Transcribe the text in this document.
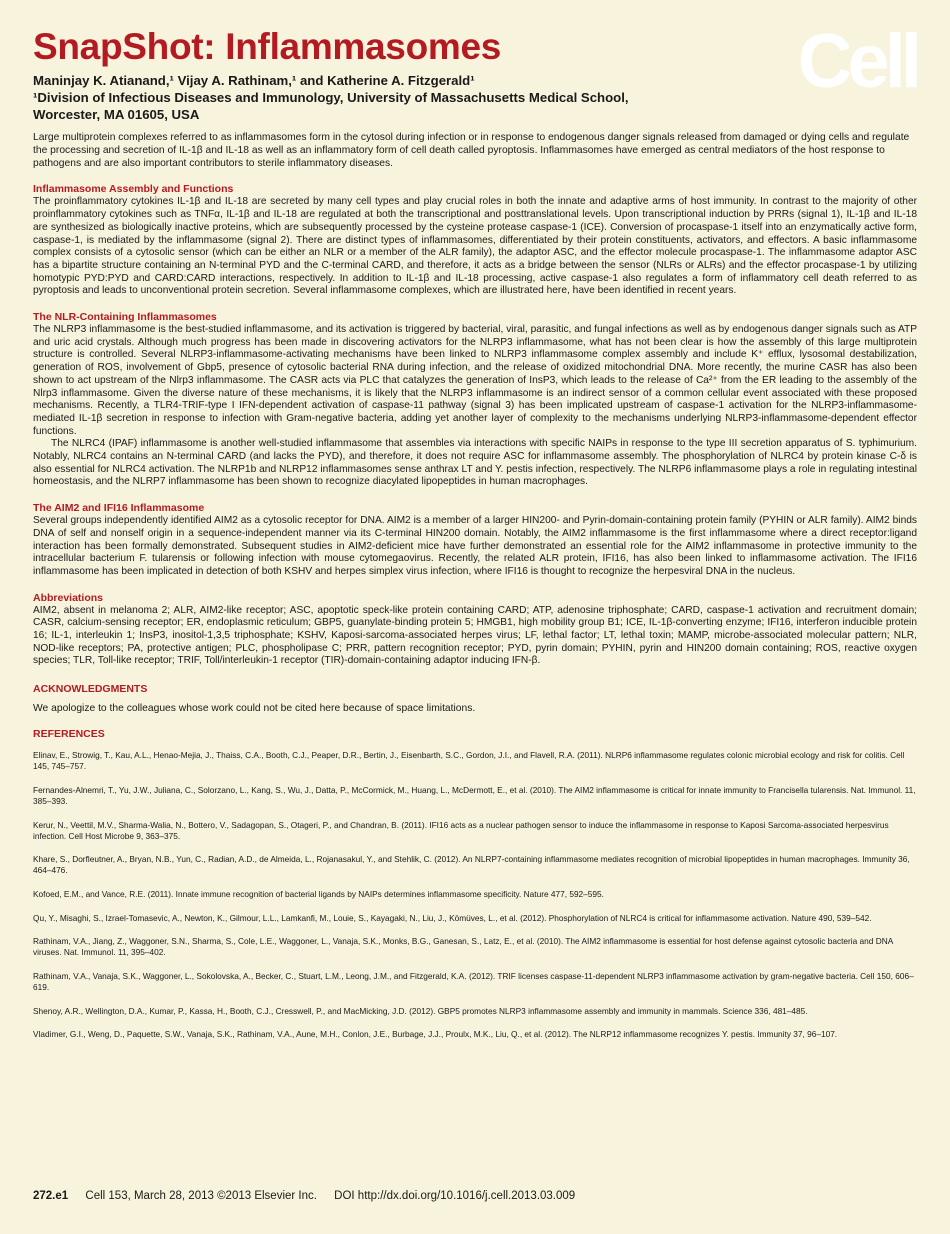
Cell
SnapShot: Inflammasomes

Maninjay K. Atianand,¹ Vijay A. Rathinam,¹ and Katherine A. Fitzgerald¹

¹Division of Infectious Diseases and Immunology, University of Massachusetts Medical School,

Worcester, MA 01605, USA

Large multiprotein complexes referred to as inflammasomes form in the cytosol during infection or in response to endogenous danger signals released from damaged or dying cells and regulate the processing and secretion of IL-1β and IL-18 as well as an inflammatory form of cell death called pyroptosis. Inflammasomes have emerged as central mediators of the host response to pathogens and are also important contributors to sterile inflammatory diseases.

Inflammasome Assembly and Functions

The proinflammatory cytokines IL-1β and IL-18 are secreted by many cell types and play crucial roles in both the innate and adaptive arms of host immunity. In contrast to the majority of other proinflammatory cytokines such as TNFα, IL-1β and IL-18 are regulated at both the transcriptional and posttranslational levels. Upon transcriptional induction by PRRs (signal 1), IL-1β and IL-18 are synthesized as biologically inactive proteins, which are subsequently processed by the cysteine protease caspase-1 (ICE). Conversion of procaspase-1 itself into an enzymatically active form, caspase-1, is mediated by the inflammasome (signal 2). There are distinct types of inflammasomes, differentiated by their protein constituents, activators, and effectors. A basic inflammasome complex consists of a cytosolic sensor (which can be either an NLR or a member of the ALR family), the adaptor ASC, and the effector molecule procaspase-1. The inflammasome adaptor ASC has a bipartite structure containing an N-terminal PYD and the C-terminal CARD, and therefore, it acts as a bridge between the sensor (NLRs or ALRs) and the effector procaspase-1 by utilizing homotypic PYD:PYD and CARD:CARD interactions, respectively. In addition to IL-1β and IL-18 processing, active caspase-1 also regulates a form of inflammatory cell death referred to as pyroptosis and leads to unconventional protein secretion. Several inflammasome complexes, which are illustrated here, have been identified in recent years.

The NLR-Containing Inflammasomes

The NLRP3 inflammasome is the best-studied inflammasome, and its activation is triggered by bacterial, viral, parasitic, and fungal infections as well as by endogenous danger signals such as ATP and uric acid crystals. Although much progress has been made in discovering activators for the NLRP3 inflammasome, what has not been clear is how the assembly of this large multiprotein structure is controlled. Several NLRP3-inflammasome-activating mechanisms have been linked to NLRP3 inflammasome complex assembly and include K⁺ efflux, lysosomal destabilization, generation of ROS, involvement of Gbp5, presence of cytosolic bacterial RNA during infection, and the release of oxidized mitochondrial DNA. More recently, the murine CASR has also been shown to act upstream of the Nlrp3 inflammasome. The CASR acts via PLC that catalyzes the generation of InsP3, which leads to the release of Ca²⁺ from the ER leading to the assembly of the Nlrp3 inflammasome. Given the diverse nature of these mechanisms, it is likely that the NLRP3 inflammasome is an indirect sensor of a common cellular event associated with these proposed mechanisms. Recently, a TLR4-TRIF-type I IFN-dependent activation of caspase-11 pathway (signal 3) has been implicated upstream of caspase-1 activation for the NLRP3-inflammasome-mediated IL-1β secretion in response to infection with Gram-negative bacteria, adding yet another layer of complexity to the mechanisms underlying NLRP3-inflammasome-dependent effector functions.

The NLRC4 (IPAF) inflammasome is another well-studied inflammasome that assembles via interactions with specific NAIPs in response to the type III secretion apparatus of S. typhimurium. Notably, NLRC4 contains an N-terminal CARD (and lacks the PYD), and therefore, it does not require ASC for inflammasome assembly. The phosphorylation of NLRC4 by protein kinase C-δ is also essential for NLRC4 activation. The NLRP1b and NLRP12 inflammasomes sense anthrax LT and Y. pestis infection, respectively. The NLRP6 inflammasome plays a role in regulating intestinal homeostasis, and the NLRP7 inflammasome has been shown to recognize diacylated lipopeptides in human macrophages.

The AIM2 and IFI16 Inflammasome

Several groups independently identified AIM2 as a cytosolic receptor for DNA. AIM2 is a member of a larger HIN200- and Pyrin-domain-containing protein family (PYHIN or ALR family). AIM2 binds DNA of self and nonself origin in a sequence-independent manner via its C-terminal HIN200 domain. Notably, the AIM2 inflammasome is the first inflammasome where a direct receptor:ligand interaction has been formally demonstrated. Subsequent studies in AIM2-deficient mice have further demonstrated an essential role for the AIM2 inflammasome in protective immunity to the intracellular bacterium F. tularensis or following infection with mouse cytomegaovirus. Recently, the related ALR protein, IFI16, has also been linked to inflammasome activation. The IFI16 inflammasome has been implicated in detection of both KSHV and herpes simplex virus infection, where IFI16 is thought to recognize the herpesviral DNA in the nucleus.

Abbreviations

AIM2, absent in melanoma 2; ALR, AIM2-like receptor; ASC, apoptotic speck-like protein containing CARD; ATP, adenosine triphosphate; CARD, caspase-1 activation and recruitment domain; CASR, calcium-sensing receptor; ER, endoplasmic reticulum; GBP5, guanylate-binding protein 5; HMGB1, high mobility group B1; ICE, IL-1β-converting enzyme; IFI16, interferon inducible protein 16; IL-1, interleukin 1; InsP3, inositol-1,3,5 triphosphate; KSHV, Kaposi-sarcoma-associated herpes virus; LF, lethal factor; LT, lethal toxin; MAMP, microbe-associated molecular pattern; NLR, NOD-like receptors; PA, protective antigen; PLC, phospholipase C; PRR, pattern recognition receptor; PYD, pyrin domain; PYHIN, pyrin and HIN200 domain containing; ROS, reactive oxygen species; TLR, Toll-like receptor; TRIF, Toll/interleukin-1 receptor (TIR)-domain-containing adaptor inducing IFN-β.

ACKNOWLEDGMENTS

We apologize to the colleagues whose work could not be cited here because of space limitations.

REFERENCES

Elinav, E., Strowig, T., Kau, A.L., Henao-Mejia, J., Thaiss, C.A., Booth, C.J., Peaper, D.R., Bertin, J., Eisenbarth, S.C., Gordon, J.I., and Flavell, R.A. (2011). NLRP6 inflammasome regulates colonic microbial ecology and risk for colitis. Cell 145, 745–757.

Fernandes-Alnemri, T., Yu, J.W., Juliana, C., Solorzano, L., Kang, S., Wu, J., Datta, P., McCormick, M., Huang, L., McDermott, E., et al. (2010). The AIM2 inflammasome is critical for innate immunity to Francisella tularensis. Nat. Immunol. 11, 385–393.

Kerur, N., Veettil, M.V., Sharma-Walia, N., Bottero, V., Sadagopan, S., Otageri, P., and Chandran, B. (2011). IFI16 acts as a nuclear pathogen sensor to induce the inflammasome in response to Kaposi Sarcoma-associated herpesvirus infection. Cell Host Microbe 9, 363–375.

Khare, S., Dorfleutner, A., Bryan, N.B., Yun, C., Radian, A.D., de Almeida, L., Rojanasakul, Y., and Stehlik, C. (2012). An NLRP7-containing inflammasome mediates recognition of microbial lipopeptides in human macrophages. Immunity 36, 464–476.

Kofoed, E.M., and Vance, R.E. (2011). Innate immune recognition of bacterial ligands by NAIPs determines inflammasome specificity. Nature 477, 592–595.

Qu, Y., Misaghi, S., Izrael-Tomasevic, A., Newton, K., Gilmour, L.L., Lamkanfi, M., Louie, S., Kayagaki, N., Liu, J., Kömüves, L., et al. (2012). Phosphorylation of NLRC4 is critical for inflammasome activation. Nature 490, 539–542.

Rathinam, V.A., Jiang, Z., Waggoner, S.N., Sharma, S., Cole, L.E., Waggoner, L., Vanaja, S.K., Monks, B.G., Ganesan, S., Latz, E., et al. (2010). The AIM2 inflammasome is essential for host defense against cytosolic bacteria and DNA viruses. Nat. Immunol. 11, 395–402.

Rathinam, V.A., Vanaja, S.K., Waggoner, L., Sokolovska, A., Becker, C., Stuart, L.M., Leong, J.M., and Fitzgerald, K.A. (2012). TRIF licenses caspase-11-dependent NLRP3 inflammasome activation by gram-negative bacteria. Cell 150, 606–619.

Shenoy, A.R., Wellington, D.A., Kumar, P., Kassa, H., Booth, C.J., Cresswell, P., and MacMicking, J.D. (2012). GBP5 promotes NLRP3 inflammasome assembly and immunity in mammals. Science 336, 481–485.

Vladimer, G.I., Weng, D., Paquette, S.W., Vanaja, S.K., Rathinam, V.A., Aune, M.H., Conlon, J.E., Burbage, J.J., Proulx, M.K., Liu, Q., et al. (2012). The NLRP12 inflammasome recognizes Y. pestis. Immunity 37, 96–107.

272.e1 Cell 153, March 28, 2013 ©2013 Elsevier Inc. DOI http://dx.doi.org/10.1016/j.cell.2013.03.009
